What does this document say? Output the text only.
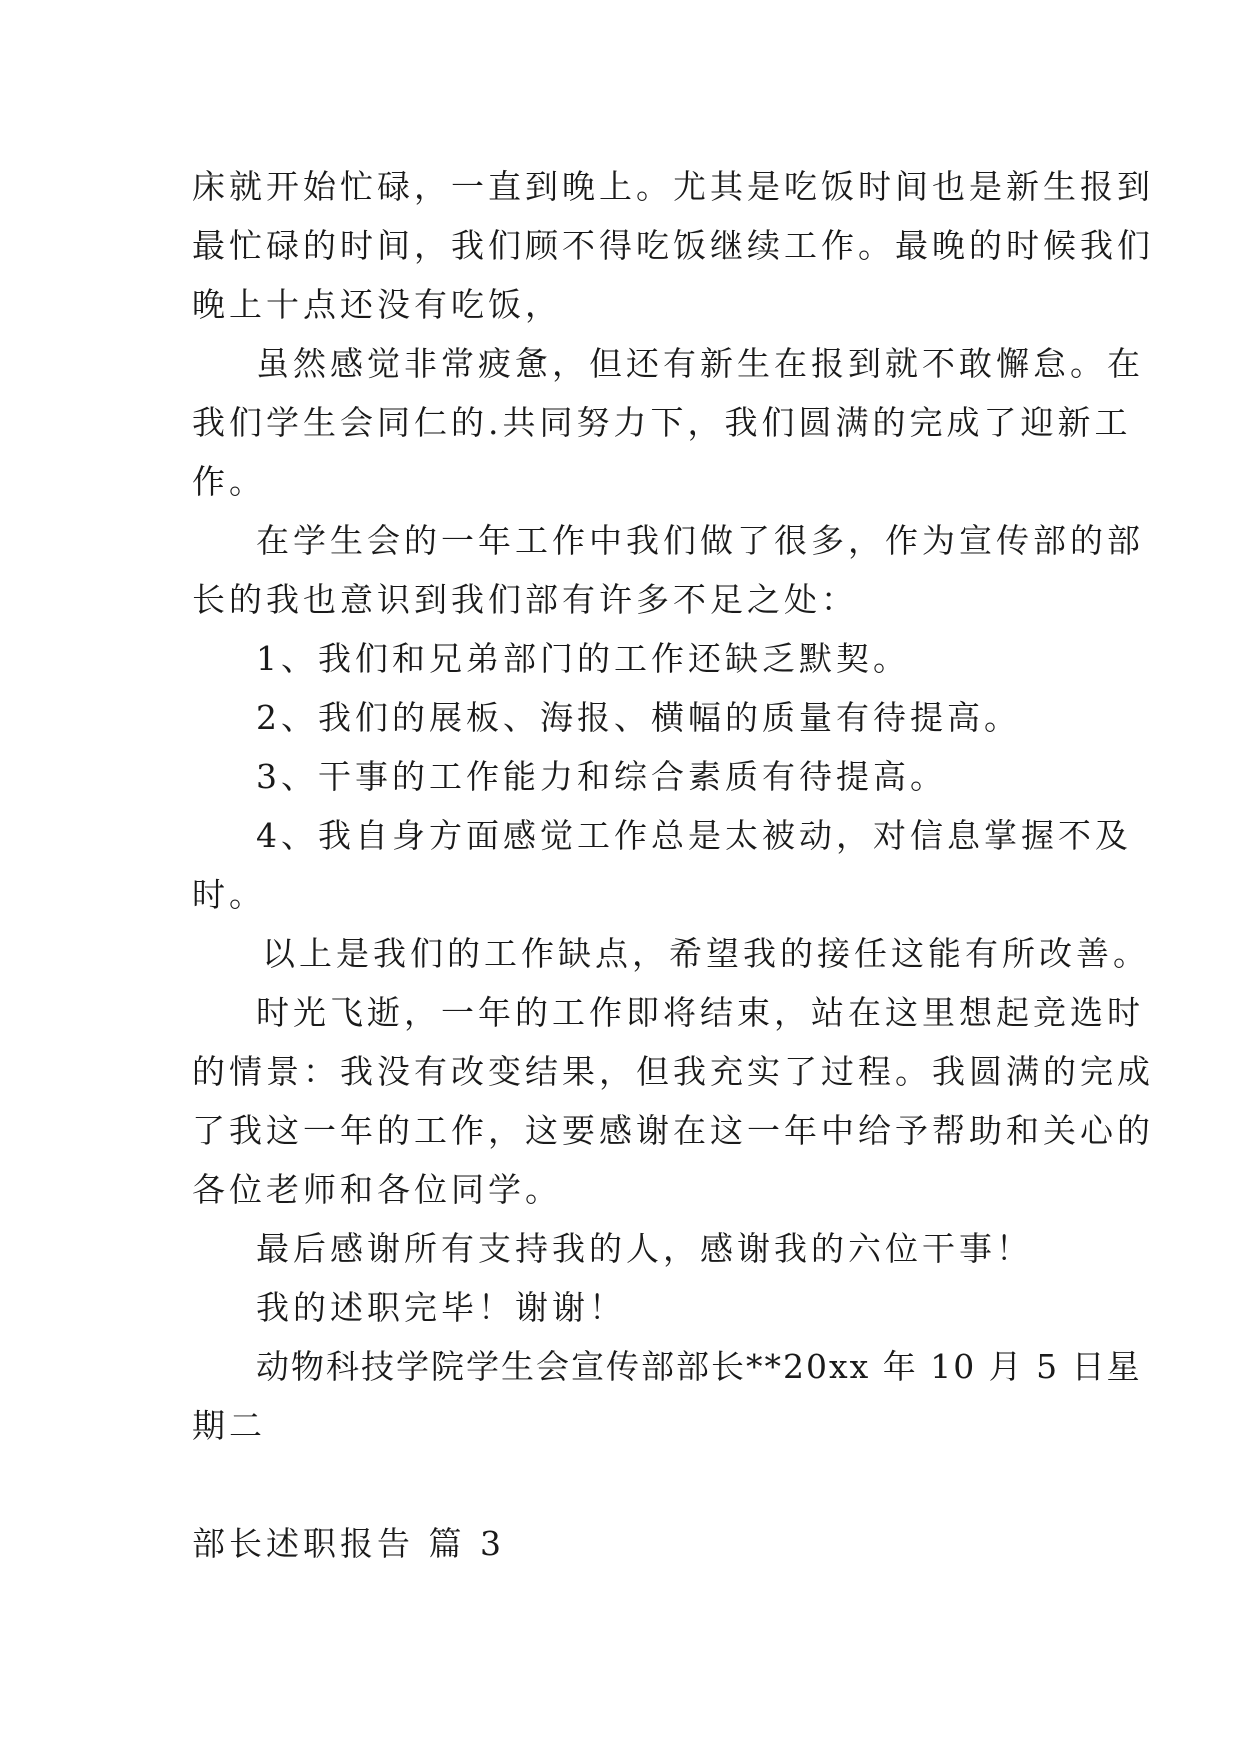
床就开始忙碌，一直到晚上。尤其是吃饭时间也是新生报到
最忙碌的时间，我们顾不得吃饭继续工作。最晚的时候我们
晚上十点还没有吃饭，
虽然感觉非常疲惫，但还有新生在报到就不敢懈怠。在
我们学生会同仁的.共同努力下，我们圆满的完成了迎新工
作。
在学生会的一年工作中我们做了很多，作为宣传部的部
长的我也意识到我们部有许多不足之处：
1、我们和兄弟部门的工作还缺乏默契。
2、我们的展板、海报、横幅的质量有待提高。
3、干事的工作能力和综合素质有待提高。
4、我自身方面感觉工作总是太被动，对信息掌握不及
时。
以上是我们的工作缺点，希望我的接任这能有所改善。
时光飞逝，一年的工作即将结束，站在这里想起竞选时
的情景：我没有改变结果，但我充实了过程。我圆满的完成
了我这一年的工作，这要感谢在这一年中给予帮助和关心的
各位老师和各位同学。
最后感谢所有支持我的人，感谢我的六位干事！
我的述职完毕！谢谢！
动物科技学院学生会宣传部部长**20xx 年 10 月 5 日星
期二
部长述职报告 篇 3
